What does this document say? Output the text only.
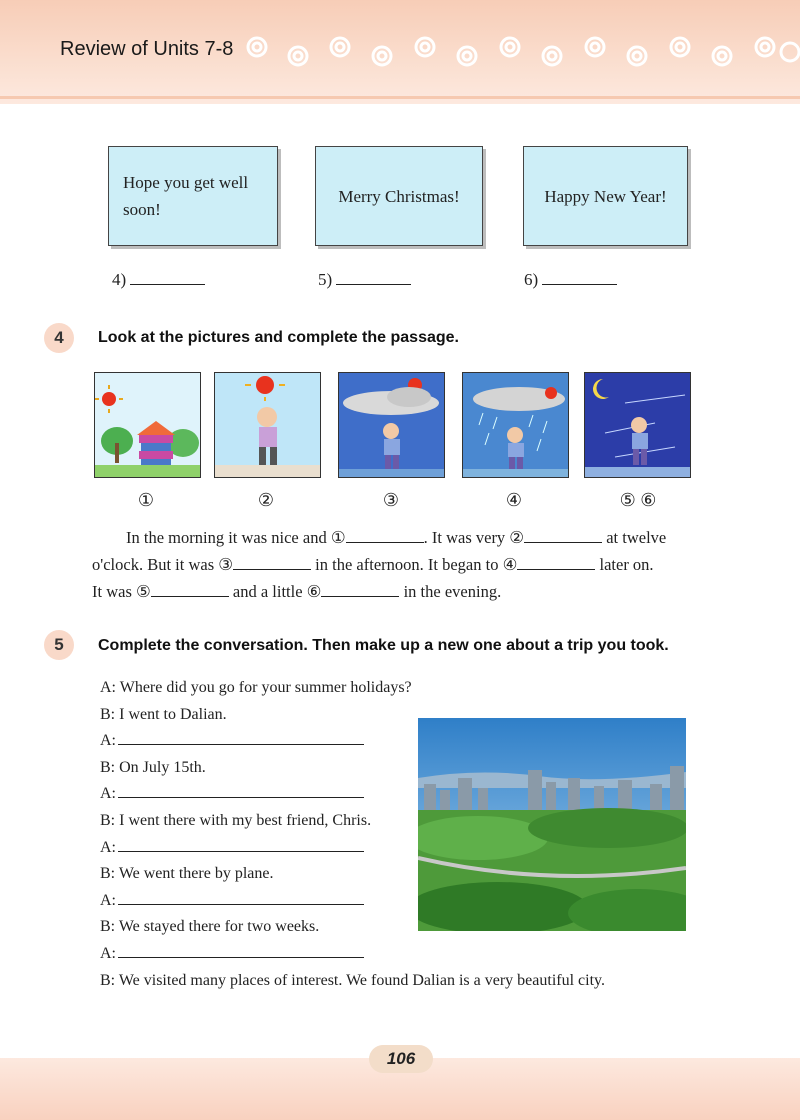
Review of Units 7-8
Hope you get well soon!
Merry Christmas!	Happy New Year!
4)	5)	6)
4	Look at the pictures and complete the passage.
①	②	③	④	⑤ ⑥

In the morning it was nice and ①	. It was very ②	at twelve

o'clock. But it was ③	in the afternoon. It began to ④	later on.

It was ⑤	and a little ⑥	in the evening.

5	Complete the conversation. Then make up a new one about a trip you took.
A: Where did you go for your summer holidays?
B: I went to Dalian.
A:
B: On July 15th.
A:
B: I went there with my best friend, Chris.
A:
B: We went there by plane.
A:
B: We stayed there for two weeks.
A:
B: We visited many places of interest. We found Dalian is a very beautiful city.
106
